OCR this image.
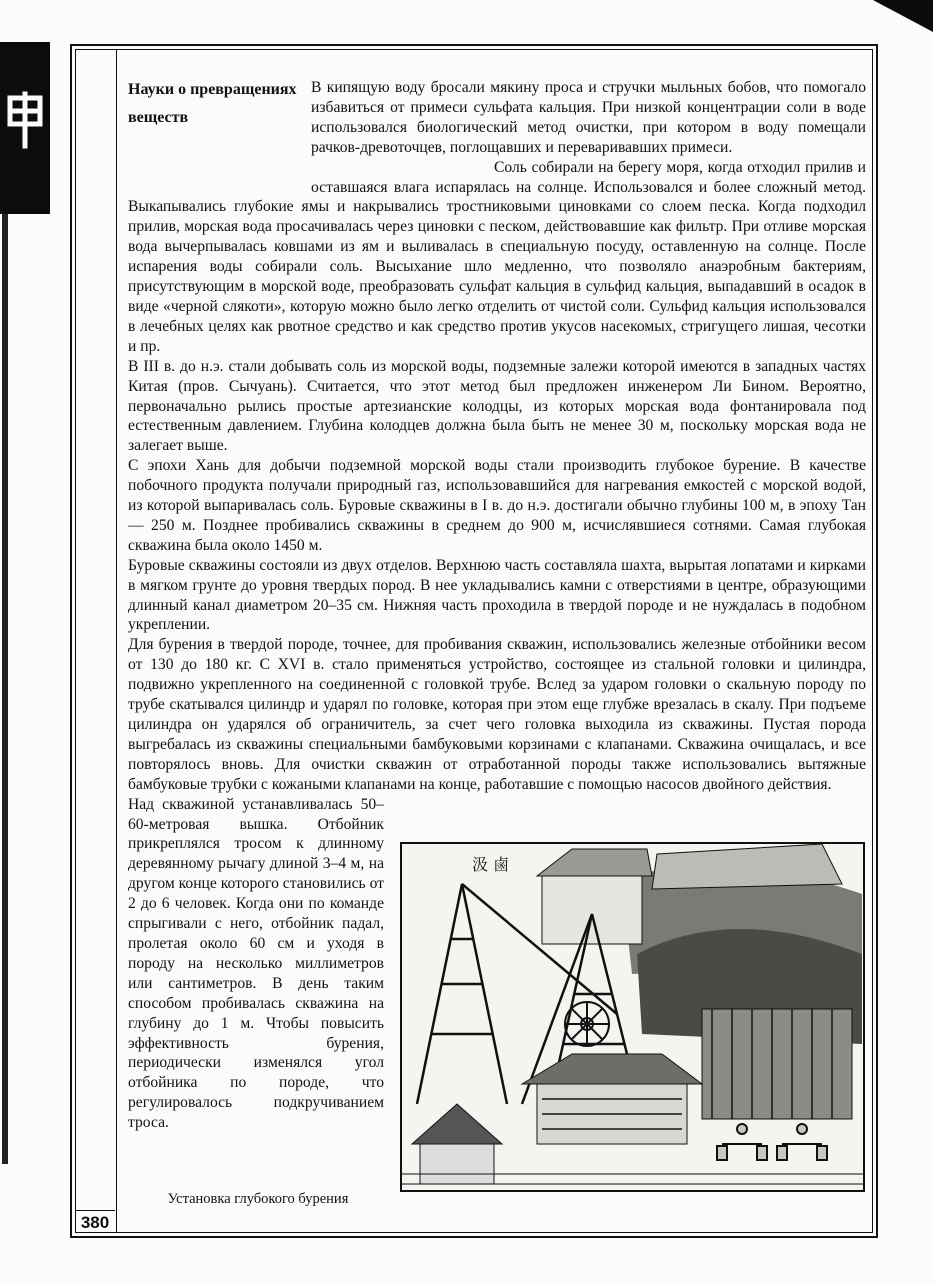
380
Науки о превращениях веществ

В кипящую воду бросали мякину проса и стручки мыльных бобов, что помогало избавиться от примеси сульфата кальция. При низкой концентрации соли в воде использовался биологический метод очистки, при котором в воду помещали рачков-древоточцев, поглощавших и переваривавших примеси.

Соль собирали на берегу моря, когда отходил прилив и оставшаяся влага испарялась на солнце. Использовался и более сложный метод. Выкапывались глубокие ямы и накрывались тростниковыми циновками со слоем песка. Когда подходил прилив, морская вода просачивалась через циновки с песком, действовавшие как фильтр. При отливе морская вода вычерпывалась ковшами из ям и выливалась в специальную посуду, оставленную на солнце. После испарения воды собирали соль. Высыхание шло медленно, что позволяло анаэробным бактериям, присутствующим в морской воде, преобразовать сульфат кальция в сульфид кальция, выпадавший в осадок в виде «черной слякоти», которую можно было легко отделить от чистой соли. Сульфид кальция использовался в лечебных целях как рвотное средство и как средство против укусов насекомых, стригущего лишая, чесотки и пр.

В III в. до н.э. стали добывать соль из морской воды, подземные залежи которой имеются в западных частях Китая (пров. Сычуань). Считается, что этот метод был предложен инженером Ли Бином. Вероятно, первоначально рылись простые артезианские колодцы, из которых морская вода фонтанировала под естественным давлением. Глубина колодцев должна была быть не менее 30 м, поскольку морская вода не залегает выше.

С эпохи Хань для добычи подземной морской воды стали производить глубокое бурение. В качестве побочного продукта получали природный газ, использовавшийся для нагревания емкостей с морской водой, из которой выпаривалась соль. Буровые скважины в I в. до н.э. достигали обычно глубины 100 м, в эпоху Тан — 250 м. Позднее пробивались скважины в среднем до 900 м, исчислявшиеся сотнями. Самая глубокая скважина была около 1450 м.

Буровые скважины состояли из двух отделов. Верхнюю часть составляла шахта, вырытая лопатами и кирками в мягком грунте до уровня твердых пород. В нее укладывались камни с отверстиями в центре, образующими длинный канал диаметром 20–35 см. Нижняя часть проходила в твердой породе и не нуждалась в подобном укреплении.

Для бурения в твердой породе, точнее, для пробивания скважин, использовались железные отбойники весом от 130 до 180 кг. С XVI в. стало применяться устройство, состоящее из стальной головки и цилиндра, подвижно укрепленного на соединенной с головкой трубе. Вслед за ударом головки о скальную породу по трубе скатывался цилиндр и ударял по головке, которая при этом еще глубже врезалась в скалу. При подъеме цилиндра он ударялся об ограничитель, за счет чего головка выходила из скважины. Пустая порода выгребалась из скважины специальными бамбуковыми корзинами с клапанами. Скважина очищалась, и все повторялось вновь. Для очистки скважин от отработанной породы также использовались вытяжные бамбуковые трубки с кожаными клапанами на конце, работавшие с помощью насосов двойного действия.

Над скважиной устанавливалась 50–60-метровая вышка. Отбойник прикреплялся тросом к длинному деревянному рычагу длиной 3–4 м, на другом конце которого становились от 2 до 6 человек. Когда они по команде спрыгивали с него, отбойник падал, пролетая около 60 см и уходя в породу на несколько миллиметров или сантиметров. В день таким способом пробивалась скважина на глубину до 1 м. Чтобы повысить эффективность бурения, периодически изменялся угол отбойника по породе, что регулировалось подкручиванием троса.

汲 鹵
Установка глубокого бурения
